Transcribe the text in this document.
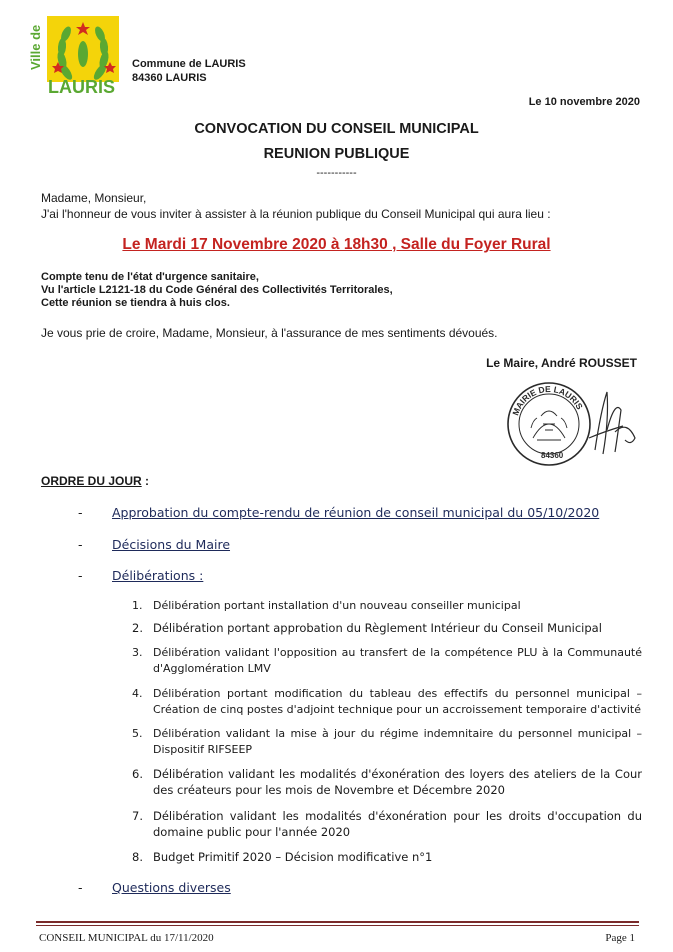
Ville de
LAURIS
Commune de LAURIS
84360 LAURIS
Le 10 novembre 2020
CONVOCATION DU CONSEIL MUNICIPAL
REUNION PUBLIQUE
-----------
Madame, Monsieur,
J'ai l'honneur de vous inviter à assister à la réunion publique du Conseil Municipal qui aura lieu :
Le Mardi 17 Novembre 2020 à 18h30 , Salle du Foyer Rural
Compte tenu de l'état d'urgence sanitaire,
Vu l'article L2121-18 du Code Général des Collectivités Territorales,
Cette réunion se tiendra à huis clos.
Je vous prie de croire, Madame, Monsieur, à l'assurance de mes sentiments dévoués.
Le Maire, André ROUSSET
MAIRIE DE LAURIS
84360
ORDRE DU JOUR :
- Approbation du compte-rendu de réunion de conseil municipal du 05/10/2020
- Décisions du Maire
- Délibérations :
1. Délibération portant installation d'un nouveau conseiller municipal
2. Délibération portant approbation du Règlement Intérieur du Conseil Municipal
3. Délibération validant l'opposition au transfert de la compétence PLU à la Communauté d'Agglomération LMV
4. Délibération portant modification du tableau des effectifs du personnel municipal – Création de cinq postes d'adjoint technique pour un accroissement temporaire d'activité
5. Délibération validant la mise à jour du régime indemnitaire du personnel municipal – Dispositif RIFSEEP
6. Délibération validant les modalités d'éxonération des loyers des ateliers de la Cour des créateurs pour les mois de Novembre et Décembre 2020
7. Délibération validant les modalités d'éxonération pour les droits d'occupation du domaine public pour l'année 2020
8. Budget Primitif 2020 – Décision modificative n°1
- Questions diverses
CONSEIL MUNICIPAL du 17/11/2020	Page 1
